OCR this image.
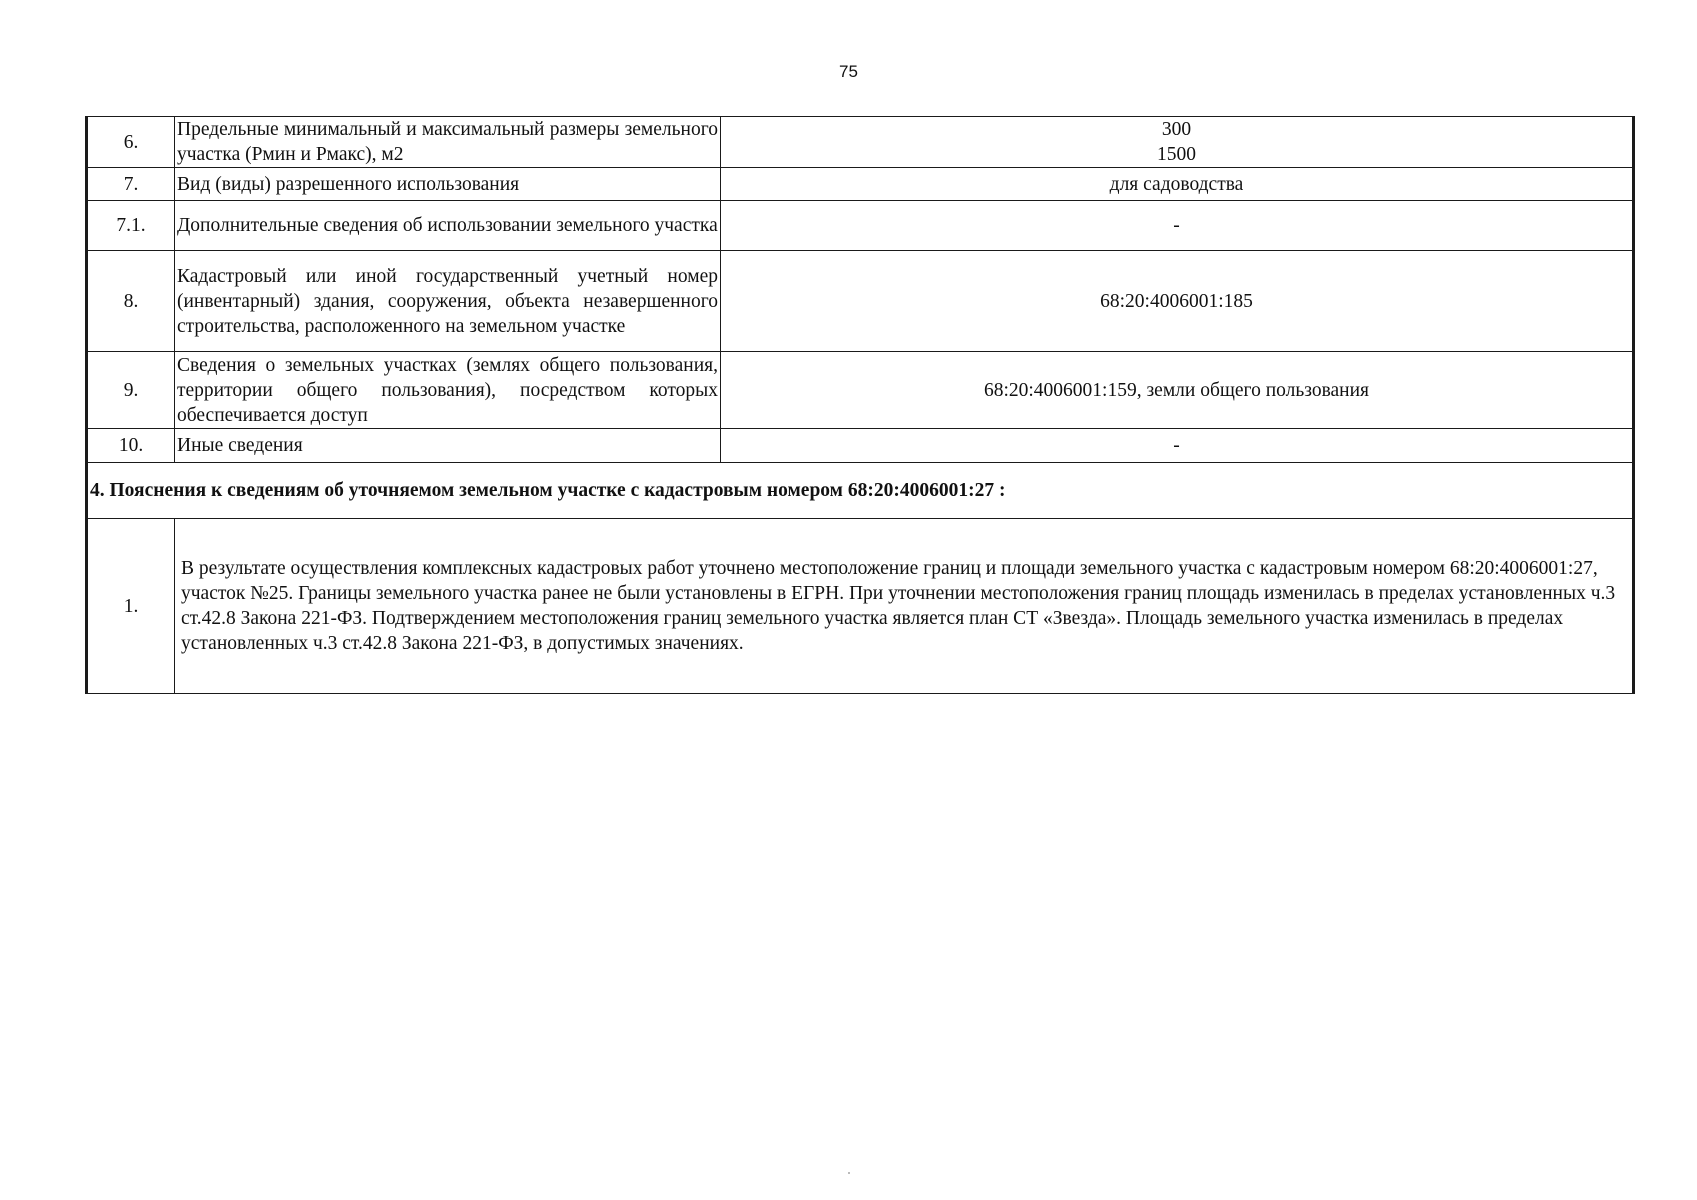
75
6.	Предельные минимальный и максимальный размеры земельного участка (Рмин и Рмакс), м2	300
1500

7.	Вид (виды) разрешенного использования	для садоводства

7.1.	Дополнительные сведения об использовании земельного участка	-

8.	Кадастровый или иной государственный учетный номер (инвентарный) здания, сооружения, объекта незавершенного строительства, расположенного на земельном участке	68:20:4006001:185

9.	Сведения о земельных участках (землях общего пользования, территории общего пользования), посредством которых обеспечивается доступ	68:20:4006001:159, земли общего пользования

10.	Иные сведения	-

4. Пояснения к сведениям об уточняемом земельном участке с кадастровым номером 68:20:4006001:27 :		
1.	В результате осуществления комплексных кадастровых работ уточнено местоположение границ и площади земельного участка с кадастровым номером 68:20:4006001:27, участок №25. Границы земельного участка ранее не были установлены в ЕГРН. При уточнении местоположения границ площадь изменилась в пределах установленных ч.3 ст.42.8 Закона 221-ФЗ. Подтверждением местоположения границ земельного участка является план СТ «Звезда». Площадь земельного участка изменилась в пределах установленных ч.3 ст.42.8 Закона 221-ФЗ, в допустимых значениях.	
